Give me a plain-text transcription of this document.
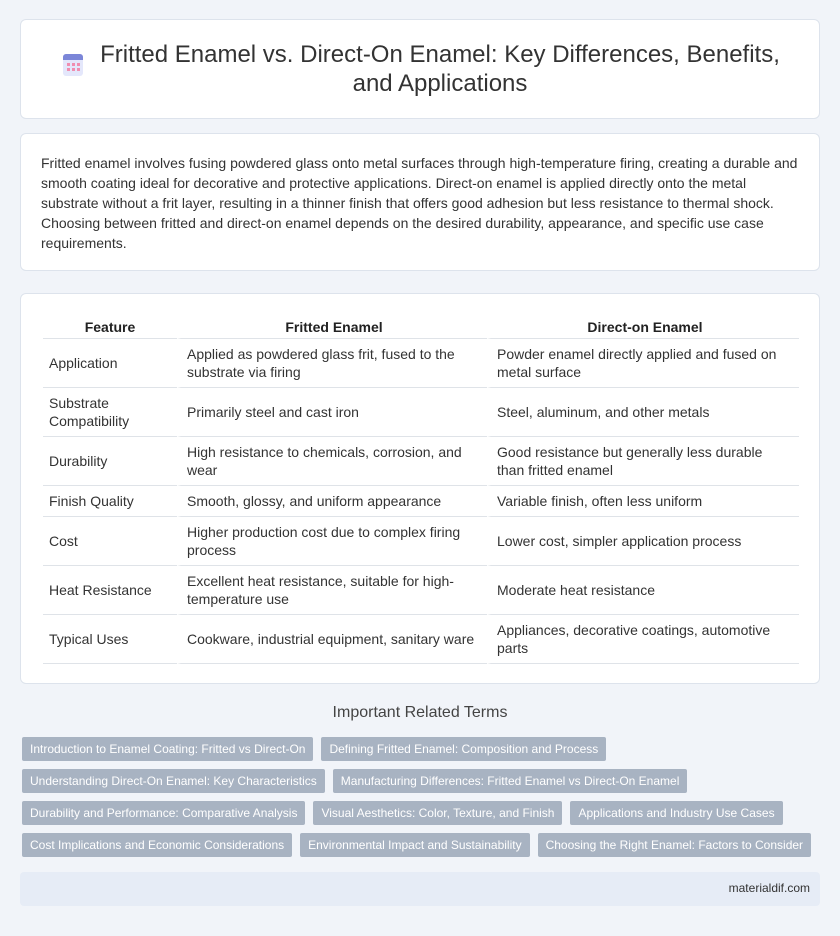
Fritted Enamel vs. Direct-On Enamel: Key Differences, Benefits, and Applications

Fritted enamel involves fusing powdered glass onto metal surfaces through high-temperature firing, creating a durable and smooth coating ideal for decorative and protective applications. Direct-on enamel is applied directly onto the metal substrate without a frit layer, resulting in a thinner finish that offers good adhesion but less resistance to thermal shock. Choosing between fritted and direct-on enamel depends on the desired durability, appearance, and specific use case requirements.

Feature	Fritted Enamel	Direct-on Enamel
Application	Applied as powdered glass frit, fused to the substrate via firing	Powder enamel directly applied and fused on metal surface
Substrate Compatibility	Primarily steel and cast iron	Steel, aluminum, and other metals
Durability	High resistance to chemicals, corrosion, and wear	Good resistance but generally less durable than fritted enamel
Finish Quality	Smooth, glossy, and uniform appearance	Variable finish, often less uniform
Cost	Higher production cost due to complex firing process	Lower cost, simpler application process
Heat Resistance	Excellent heat resistance, suitable for high-temperature use	Moderate heat resistance
Typical Uses	Cookware, industrial equipment, sanitary ware	Appliances, decorative coatings, automotive parts
Important Related Terms
Introduction to Enamel Coating: Fritted vs Direct-On	Defining Fritted Enamel: Composition and Process
Understanding Direct-On Enamel: Key Characteristics	Manufacturing Differences: Fritted Enamel vs Direct-On Enamel
Durability and Performance: Comparative Analysis	Visual Aesthetics: Color, Texture, and Finish	Applications and Industry Use Cases
Cost Implications and Economic Considerations	Environmental Impact and Sustainability	Choosing the Right Enamel: Factors to Consider
materialdif.com
